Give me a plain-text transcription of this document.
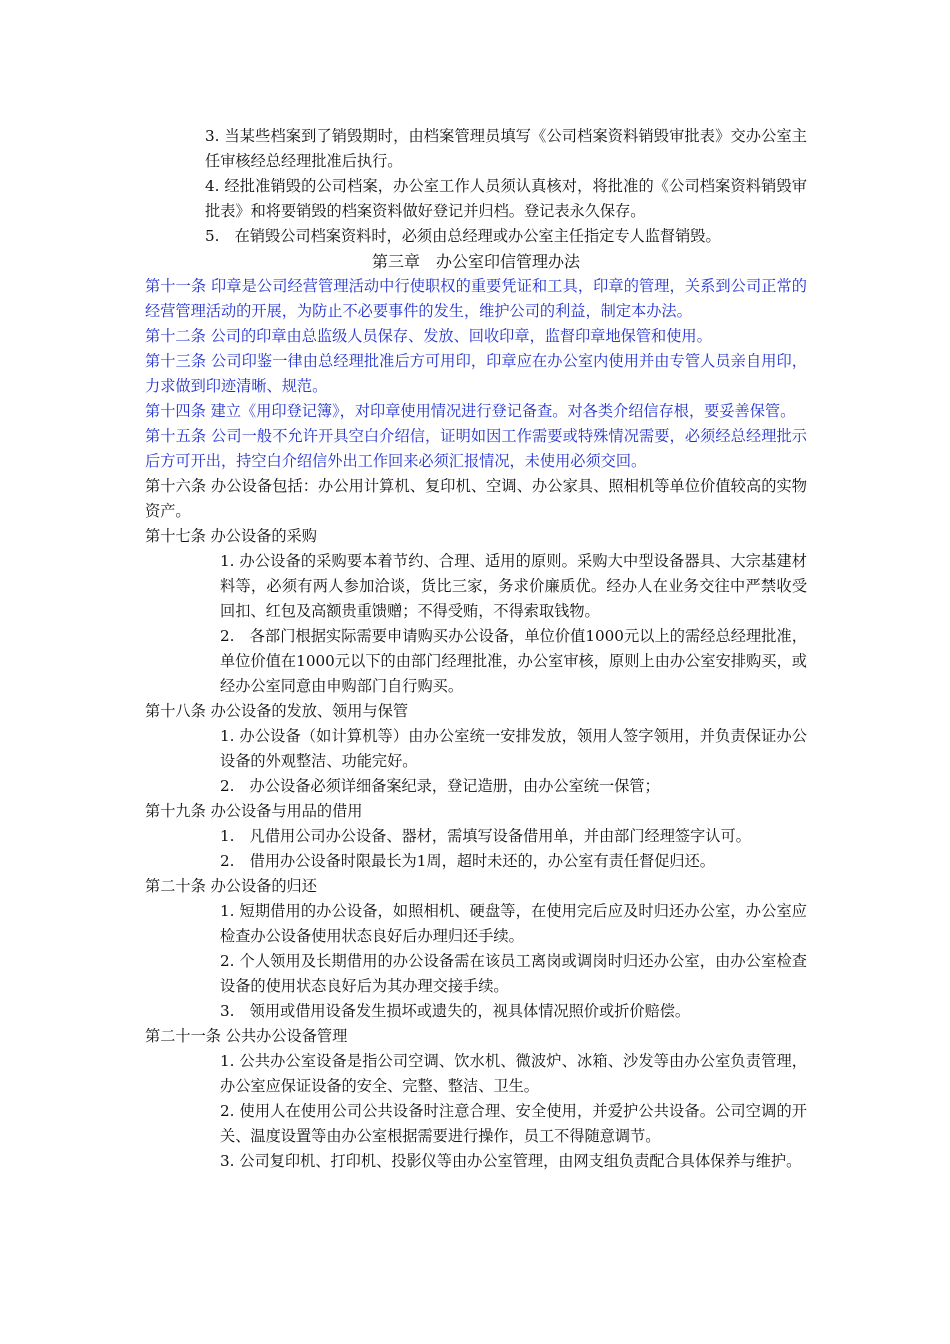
3. 当某些档案到了销毁期时，由档案管理员填写《公司档案资料销毁审批表》交办公室主任审核经总经理批准后执行。

4. 经批准销毁的公司档案，办公室工作人员须认真核对，将批准的《公司档案资料销毁审批表》和将要销毁的档案资料做好登记并归档。登记表永久保存。

5.　在销毁公司档案资料时，必须由总经理或办公室主任指定专人监督销毁。

第三章　办公室印信管理办法

第十一条 印章是公司经营管理活动中行使职权的重要凭证和工具，印章的管理，关系到公司正常的经营管理活动的开展，为防止不必要事件的发生，维护公司的利益，制定本办法。

第十二条 公司的印章由总监级人员保存、发放、回收印章，监督印章地保管和使用。

第十三条 公司印鉴一律由总经理批准后方可用印，印章应在办公室内使用并由专管人员亲自用印，力求做到印迹清晰、规范。

第十四条 建立《用印登记簿》，对印章使用情况进行登记备查。对各类介绍信存根，要妥善保管。

第十五条 公司一般不允许开具空白介绍信，证明如因工作需要或特殊情况需要，必须经总经理批示后方可开出，持空白介绍信外出工作回来必须汇报情况，未使用必须交回。

第十六条 办公设备包括：办公用计算机、复印机、空调、办公家具、照相机等单位价值较高的实物资产。

第十七条 办公设备的采购

1. 办公设备的采购要本着节约、合理、适用的原则。采购大中型设备器具、大宗基建材料等，必须有两人参加洽谈，货比三家，务求价廉质优。经办人在业务交往中严禁收受回扣、红包及高额贵重馈赠；不得受贿，不得索取钱物。

2.　各部门根据实际需要申请购买办公设备，单位价值1000元以上的需经总经理批准，单位价值在1000元以下的由部门经理批准，办公室审核，原则上由办公室安排购买，或经办公室同意由申购部门自行购买。

第十八条 办公设备的发放、领用与保管

1. 办公设备（如计算机等）由办公室统一安排发放，领用人签字领用，并负责保证办公设备的外观整洁、功能完好。

2.　办公设备必须详细备案纪录，登记造册，由办公室统一保管；

第十九条 办公设备与用品的借用

1.　凡借用公司办公设备、器材，需填写设备借用单，并由部门经理签字认可。

2.　借用办公设备时限最长为1周，超时未还的，办公室有责任督促归还。

第二十条 办公设备的归还

1. 短期借用的办公设备，如照相机、硬盘等，在使用完后应及时归还办公室，办公室应检查办公设备使用状态良好后办理归还手续。

2. 个人领用及长期借用的办公设备需在该员工离岗或调岗时归还办公室，由办公室检查设备的使用状态良好后为其办理交接手续。

3.　领用或借用设备发生损坏或遗失的，视具体情况照价或折价赔偿。

第二十一条 公共办公设备管理

1. 公共办公室设备是指公司空调、饮水机、微波炉、冰箱、沙发等由办公室负责管理，办公室应保证设备的安全、完整、整洁、卫生。

2. 使用人在使用公司公共设备时注意合理、安全使用，并爱护公共设备。公司空调的开关、温度设置等由办公室根据需要进行操作，员工不得随意调节。

3. 公司复印机、打印机、投影仪等由办公室管理，由网支组负责配合具体保养与维护。
